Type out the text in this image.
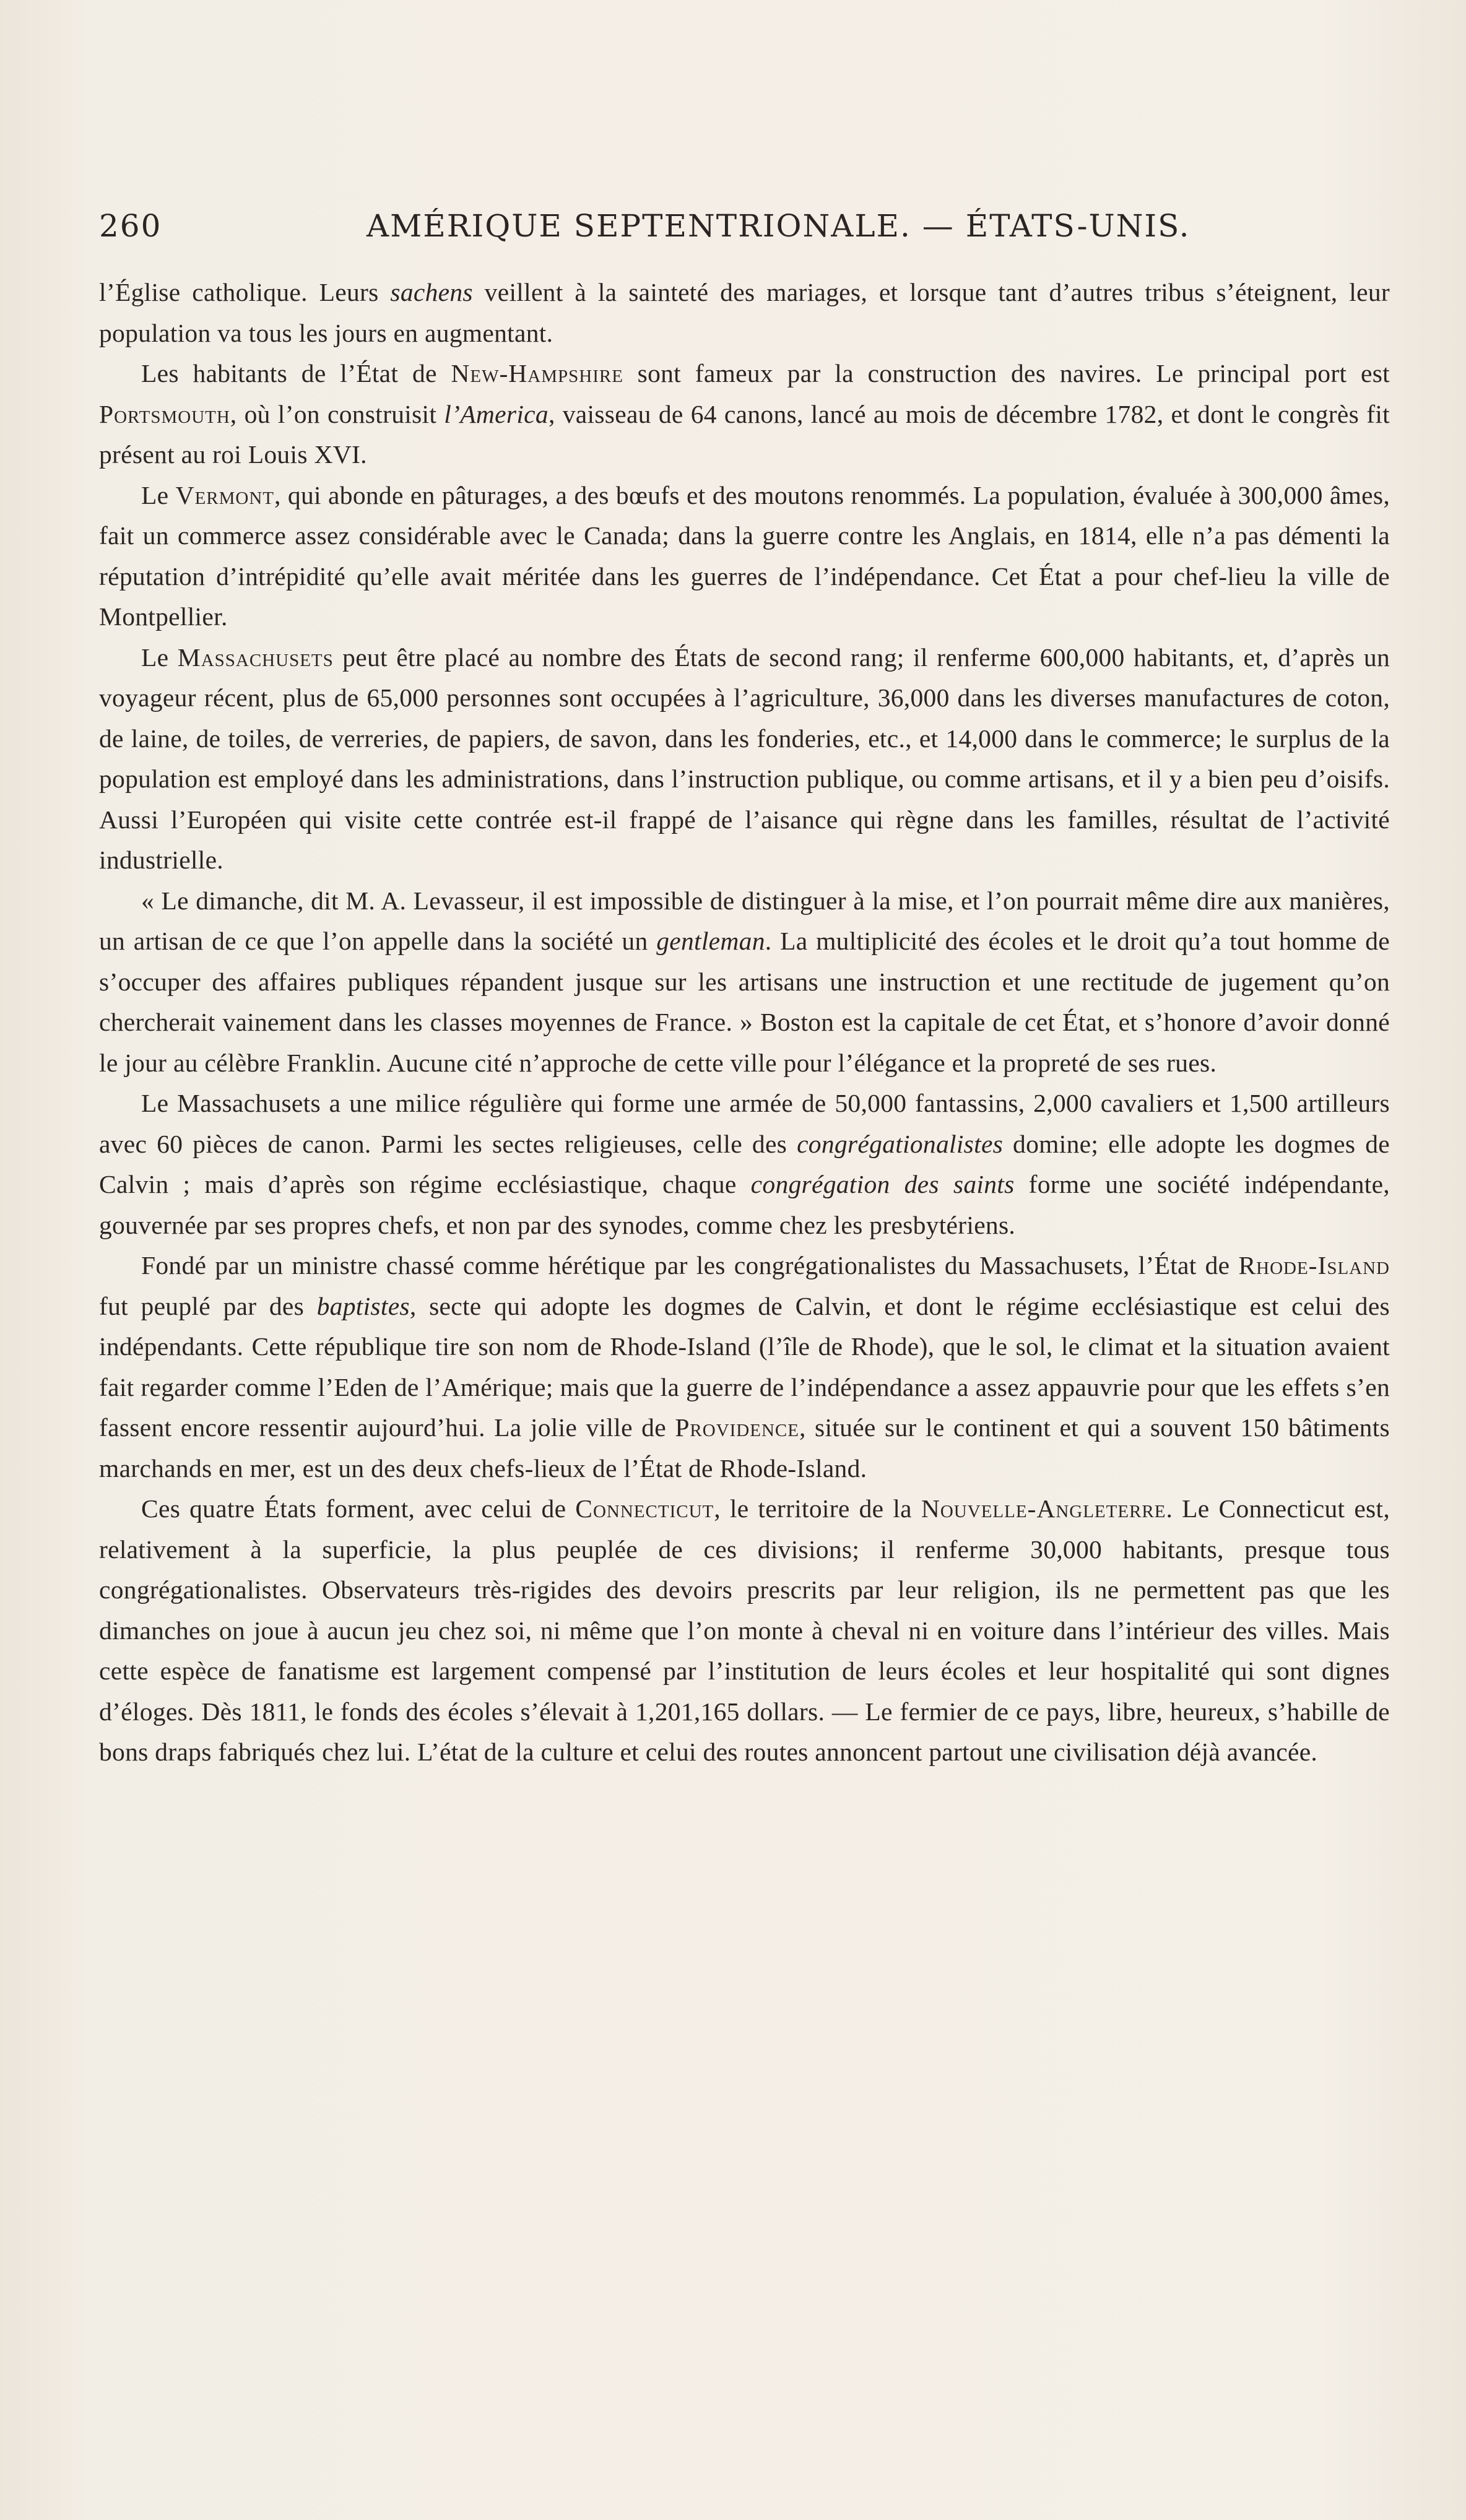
260	AMÉRIQUE SEPTENTRIONALE. — ÉTATS-UNIS.

l’Église catholique. Leurs sachens veillent à la sainteté des mariages, et lorsque tant d’autres tribus s’éteignent, leur population va tous les jours en augmentant.

Les habitants de l’État de New-Hampshire sont fameux par la construction des navires. Le principal port est Portsmouth, où l’on construisit l’America, vaisseau de 64 canons, lancé au mois de décembre 1782, et dont le congrès fit présent au roi Louis XVI.

Le Vermont, qui abonde en pâturages, a des bœufs et des moutons renommés. La population, évaluée à 300,000 âmes, fait un commerce assez considérable avec le Canada; dans la guerre contre les Anglais, en 1814, elle n’a pas démenti la réputation d’intrépidité qu’elle avait méritée dans les guerres de l’indépendance. Cet État a pour chef-lieu la ville de Montpellier.

Le Massachusets peut être placé au nombre des États de second rang; il renferme 600,000 habitants, et, d’après un voyageur récent, plus de 65,000 personnes sont occupées à l’agriculture, 36,000 dans les diverses manufactures de coton, de laine, de toiles, de verreries, de papiers, de savon, dans les fonderies, etc., et 14,000 dans le commerce; le surplus de la population est employé dans les administrations, dans l’instruction publique, ou comme artisans, et il y a bien peu d’oisifs. Aussi l’Européen qui visite cette contrée est-il frappé de l’aisance qui règne dans les familles, résultat de l’activité industrielle.

« Le dimanche, dit M. A. Levasseur, il est impossible de distinguer à la mise, et l’on pourrait même dire aux manières, un artisan de ce que l’on appelle dans la société un gentleman. La multiplicité des écoles et le droit qu’a tout homme de s’occuper des affaires publiques répandent jusque sur les artisans une instruction et une rectitude de jugement qu’on chercherait vainement dans les classes moyennes de France. » Boston est la capitale de cet État, et s’honore d’avoir donné le jour au célèbre Franklin. Aucune cité n’approche de cette ville pour l’élégance et la propreté de ses rues.

Le Massachusets a une milice régulière qui forme une armée de 50,000 fantassins, 2,000 cavaliers et 1,500 artilleurs avec 60 pièces de canon. Parmi les sectes religieuses, celle des congrégationalistes domine; elle adopte les dogmes de Calvin ; mais d’après son régime ecclésiastique, chaque congrégation des saints forme une société indépendante, gouvernée par ses propres chefs, et non par des synodes, comme chez les presbytériens.

Fondé par un ministre chassé comme hérétique par les congrégationalistes du Massachusets, l’État de Rhode-Island fut peuplé par des baptistes, secte qui adopte les dogmes de Calvin, et dont le régime ecclésiastique est celui des indépendants. Cette république tire son nom de Rhode-Island (l’île de Rhode), que le sol, le climat et la situation avaient fait regarder comme l’Eden de l’Amérique; mais que la guerre de l’indépendance a assez appauvrie pour que les effets s’en fassent encore ressentir aujourd’hui. La jolie ville de Providence, située sur le continent et qui a souvent 150 bâtiments marchands en mer, est un des deux chefs-lieux de l’État de Rhode-Island.

Ces quatre États forment, avec celui de Connecticut, le territoire de la Nouvelle-Angleterre. Le Connecticut est, relativement à la superficie, la plus peuplée de ces divisions; il renferme 30,000 habitants, presque tous congrégationalistes. Observateurs très-rigides des devoirs prescrits par leur religion, ils ne permettent pas que les dimanches on joue à aucun jeu chez soi, ni même que l’on monte à cheval ni en voiture dans l’intérieur des villes. Mais cette espèce de fanatisme est largement compensé par l’institution de leurs écoles et leur hospitalité qui sont dignes d’éloges. Dès 1811, le fonds des écoles s’élevait à 1,201,165 dollars. — Le fermier de ce pays, libre, heureux, s’habille de bons draps fabriqués chez lui. L’état de la culture et celui des routes annoncent partout une civilisation déjà avancée.
